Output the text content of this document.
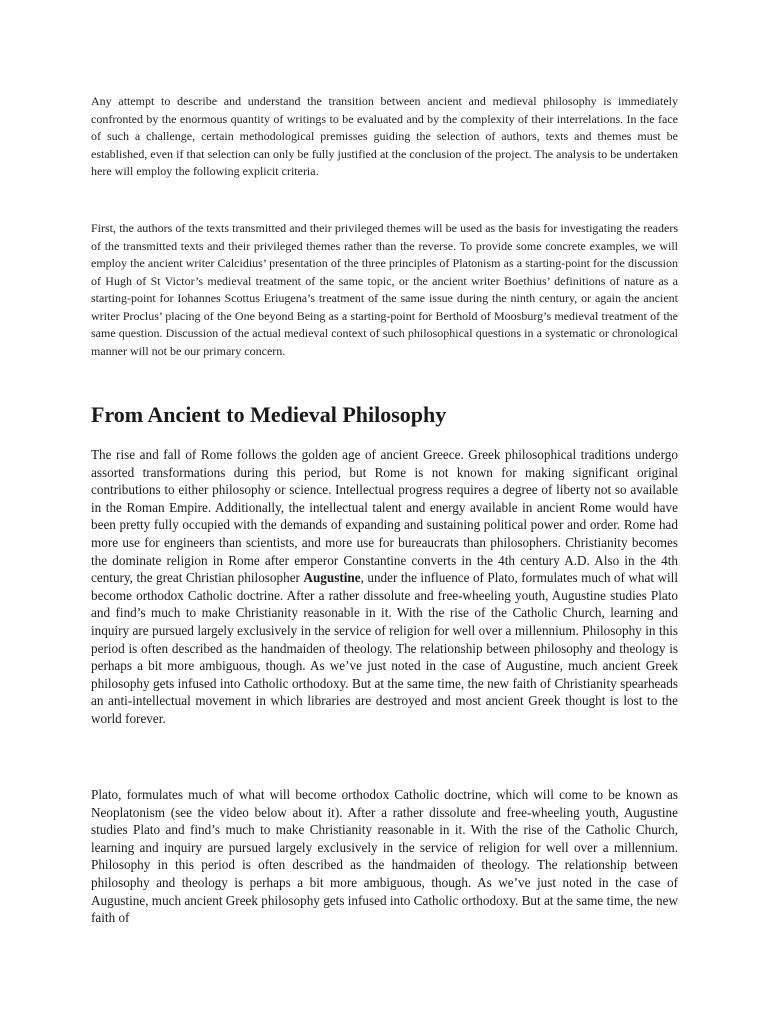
Any attempt to describe and understand the transition between ancient and medieval philosophy is immediately confronted by the enormous quantity of writings to be evaluated and by the complexity of their interrelations. In the face of such a challenge, certain methodological premisses guiding the selection of authors, texts and themes must be established, even if that selection can only be fully justified at the conclusion of the project. The analysis to be undertaken here will employ the following explicit criteria.

First, the authors of the texts transmitted and their privileged themes will be used as the basis for investigating the readers of the transmitted texts and their privileged themes rather than the reverse. To provide some concrete examples, we will employ the ancient writer Calcidius’ presentation of the three principles of Platonism as a starting-point for the discussion of Hugh of St Victor’s medieval treatment of the same topic, or the ancient writer Boethius’ definitions of nature as a starting-point for Iohannes Scottus Eriugena’s treatment of the same issue during the ninth century, or again the ancient writer Proclus’ placing of the One beyond Being as a starting-point for Berthold of Moosburg’s medieval treatment of the same question. Discussion of the actual medieval context of such philosophical questions in a systematic or chronological manner will not be our primary concern.

From Ancient to Medieval Philosophy

The rise and fall of Rome follows the golden age of ancient Greece. Greek philosophical traditions undergo assorted transformations during this period, but Rome is not known for making significant original contributions to either philosophy or science. Intellectual progress requires a degree of liberty not so available in the Roman Empire. Additionally, the intellectual talent and energy available in ancient Rome would have been pretty fully occupied with the demands of expanding and sustaining political power and order. Rome had more use for engineers than scientists, and more use for bureaucrats than philosophers. Christianity becomes the dominate religion in Rome after emperor Constantine converts in the 4th century A.D. Also in the 4th century, the great Christian philosopher Augustine, under the influence of Plato, formulates much of what will become orthodox Catholic doctrine. After a rather dissolute and free-wheeling youth, Augustine studies Plato and find’s much to make Christianity reasonable in it. With the rise of the Catholic Church, learning and inquiry are pursued largely exclusively in the service of religion for well over a millennium. Philosophy in this period is often described as the handmaiden of theology. The relationship between philosophy and theology is perhaps a bit more ambiguous, though. As we’ve just noted in the case of Augustine, much ancient Greek philosophy gets infused into Catholic orthodoxy. But at the same time, the new faith of Christianity spearheads an anti-intellectual movement in which libraries are destroyed and most ancient Greek thought is lost to the world forever.

Plato, formulates much of what will become orthodox Catholic doctrine, which will come to be known as Neoplatonism (see the video below about it). After a rather dissolute and free-wheeling youth, Augustine studies Plato and find’s much to make Christianity reasonable in it. With the rise of the Catholic Church, learning and inquiry are pursued largely exclusively in the service of religion for well over a millennium. Philosophy in this period is often described as the handmaiden of theology. The relationship between philosophy and theology is perhaps a bit more ambiguous, though. As we’ve just noted in the case of Augustine, much ancient Greek philosophy gets infused into Catholic orthodoxy. But at the same time, the new faith of
